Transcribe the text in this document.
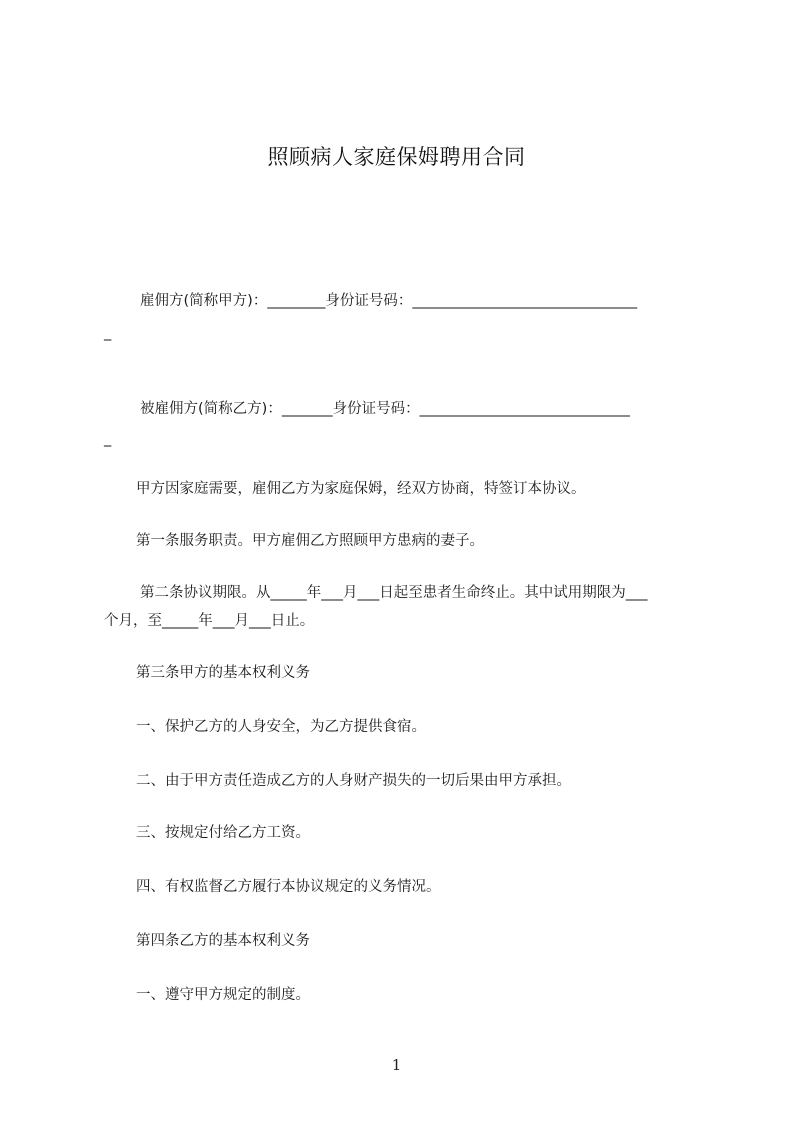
照顾病人家庭保姆聘用合同
雇佣方(简称甲方)：________身份证号码：_______________________________
_
被雇佣方(简称乙方)：_______身份证号码：_____________________________
_
甲方因家庭需要，雇佣乙方为家庭保姆，经双方协商，特签订本协议。
第一条服务职责。甲方雇佣乙方照顾甲方患病的妻子。
第二条协议期限。从_____年___月___日起至患者生命终止。其中试用期限为___
个月，至_____年___月___日止。
第三条甲方的基本权利义务
一、保护乙方的人身安全，为乙方提供食宿。
二、由于甲方责任造成乙方的人身财产损失的一切后果由甲方承担。
三、按规定付给乙方工资。
四、有权监督乙方履行本协议规定的义务情况。
第四条乙方的基本权利义务
一、遵守甲方规定的制度。
1
